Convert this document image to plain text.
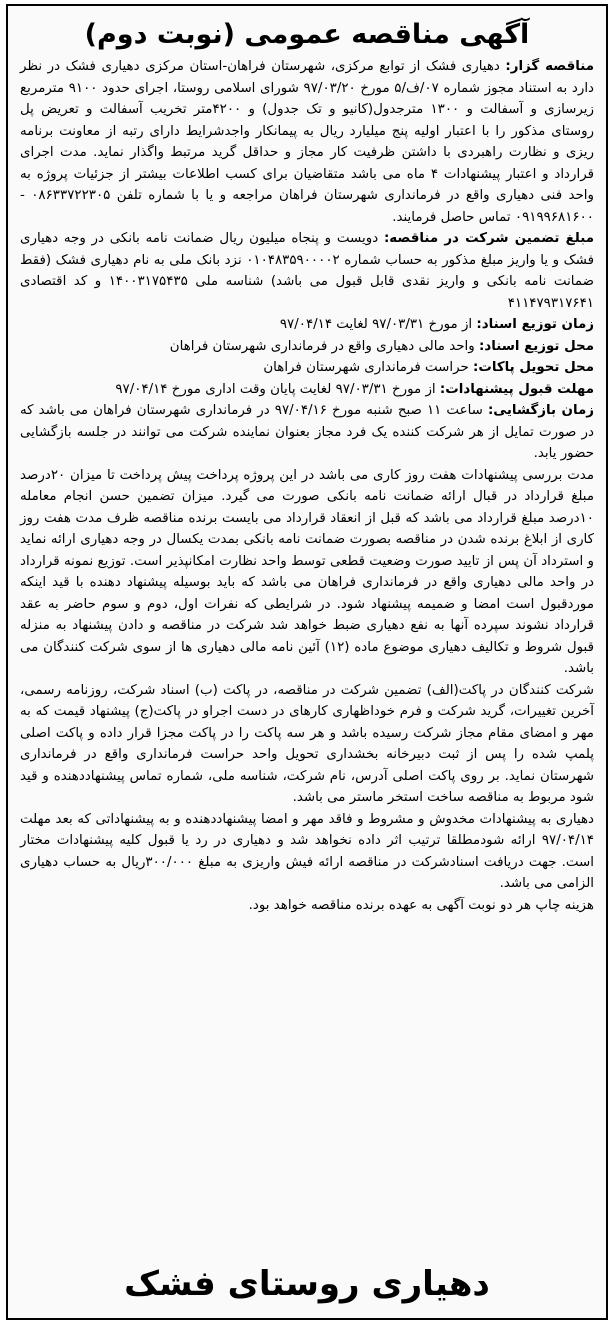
آگهی مناقصه عمومی (نوبت دوم)

مناقصه گزار: دهیاری فشک از توابع مرکزی، شهرستان فراهان-استان مرکزی دهیاری فشک در نظر دارد به استناد مجوز شماره ۰۷/ف/۵ مورخ ۹۷/۰۳/۲۰ شورای اسلامی روستا، اجرای حدود ۹۱۰۰ مترمربع زیرسازی و آسفالت و ۱۳۰۰ مترجدول(کانیو و تک جدول) و ۴۲۰۰متر تخریب آسفالت و تعریض پل روستای مذکور را با اعتبار اولیه پنج میلیارد ریال به پیمانکار واجدشرایط دارای رتبه از معاونت برنامه ریزی و نظارت راهبردی با داشتن ظرفیت کار مجاز و حداقل گرید مرتبط واگذار نماید. مدت اجرای قرارداد و اعتبار پیشنهادات ۴ ماه می باشد متقاضیان برای کسب اطلاعات بیشتر از جزئیات پروژه به واحد فنی دهیاری واقع در فرمانداری شهرستان فراهان مراجعه و یا با شماره تلفن ۰۸۶۳۳۷۲۲۳۰۵ - ۰۹۱۹۹۶۸۱۶۰۰ تماس حاصل فرمایند.

مبلغ تضمین شرکت در مناقصه: دویست و پنجاه میلیون ریال ضمانت نامه بانکی در وجه دهیاری فشک و یا واریز مبلغ مذکور به حساب شماره ۰۱۰۴۸۳۵۹۰۰۰۰۲ نزد بانک ملی به نام دهیاری فشک (فقط ضمانت نامه بانکی و واریز نقدی قابل قبول می باشد) شناسه ملی ۱۴۰۰۳۱۷۵۴۳۵ و کد اقتصادی ۴۱۱۴۷۹۳۱۷۶۴۱

زمان توزیع اسناد: از مورخ ۹۷/۰۳/۳۱ لغایت ۹۷/۰۴/۱۴

محل توزیع اسناد: واحد مالی دهیاری واقع در فرمانداری شهرستان فراهان

محل تحویل پاکات: حراست فرمانداری شهرستان فراهان

مهلت قبول پیشنهادات: از مورخ ۹۷/۰۳/۳۱ لغایت پایان وقت اداری مورخ ۹۷/۰۴/۱۴

زمان بازگشایی: ساعت ۱۱ صبح شنبه مورخ ۹۷/۰۴/۱۶ در فرمانداری شهرستان فراهان می باشد که در صورت تمایل از هر شرکت کننده یک فرد مجاز بعنوان نماینده شرکت می توانند در جلسه بازگشایی حضور یابد.

مدت بررسی پیشنهادات هفت روز کاری می باشد در این پروژه پرداخت پیش پرداخت تا میزان ۲۰درصد مبلغ قرارداد در قبال ارائه ضمانت نامه بانکی صورت می گیرد. میزان تضمین حسن انجام معامله ۱۰درصد مبلغ قرارداد می باشد که قبل از انعقاد قرارداد می بایست برنده مناقصه ظرف مدت هفت روز کاری از ابلاغ برنده شدن در مناقصه بصورت ضمانت نامه بانکی بمدت یکسال در وجه دهیاری ارائه نماید و استرداد آن پس از تایید صورت وضعیت قطعی توسط واحد نظارت امکانپذیر است. توزیع نمونه قرارداد در واحد مالی دهیاری واقع در فرمانداری فراهان می باشد که باید بوسیله پیشنهاد دهنده با قید اینکه موردقبول است امضا و ضمیمه پیشنهاد شود. در شرایطی که نفرات اول، دوم و سوم حاضر به عقد قرارداد نشوند سپرده آنها به نفع دهیاری ضبط خواهد شد شرکت در مناقصه و دادن پیشنهاد به منزله قبول شروط و تکالیف دهیاری موضوع ماده (۱۲) آئین نامه مالی دهیاری ها از سوی شرکت کنندگان می باشد.

شرکت کنندگان در پاکت(الف) تضمین شرکت در مناقصه، در پاکت (ب) اسناد شرکت، روزنامه رسمی، آخرین تغییرات، گرید شرکت و فرم خوداظهاری کارهای در دست اجراو در پاکت(ج) پیشنهاد قیمت که به مهر و امضای مقام مجاز شرکت رسیده باشد و هر سه پاکت را در پاکت مجزا قرار داده و پاکت اصلی پلمپ شده را پس از ثبت دبیرخانه بخشداری تحویل واحد حراست فرمانداری واقع در فرمانداری شهرستان نماید. بر روی پاکت اصلی آدرس، نام شرکت، شناسه ملی، شماره تماس پیشنهاددهنده و قید شود مربوط به مناقصه ساخت استخر ماستر می باشد.

دهیاری به پیشنهادات مخدوش و مشروط و فاقد مهر و امضا پیشنهاددهنده و به پیشنهاداتی که بعد مهلت ۹۷/۰۴/۱۴ ارائه شودمطلقا ترتیب اثر داده نخواهد شد و دهیاری در رد یا قبول کلیه پیشنهادات مختار است. جهت دریافت اسنادشرکت در مناقصه ارائه فیش واریزی به مبلغ ۳۰۰/۰۰۰ریال به حساب دهیاری الزامی می باشد.

هزینه چاپ هر دو نوبت آگهی به عهده برنده مناقصه خواهد بود.

دهیاری روستای فشک
